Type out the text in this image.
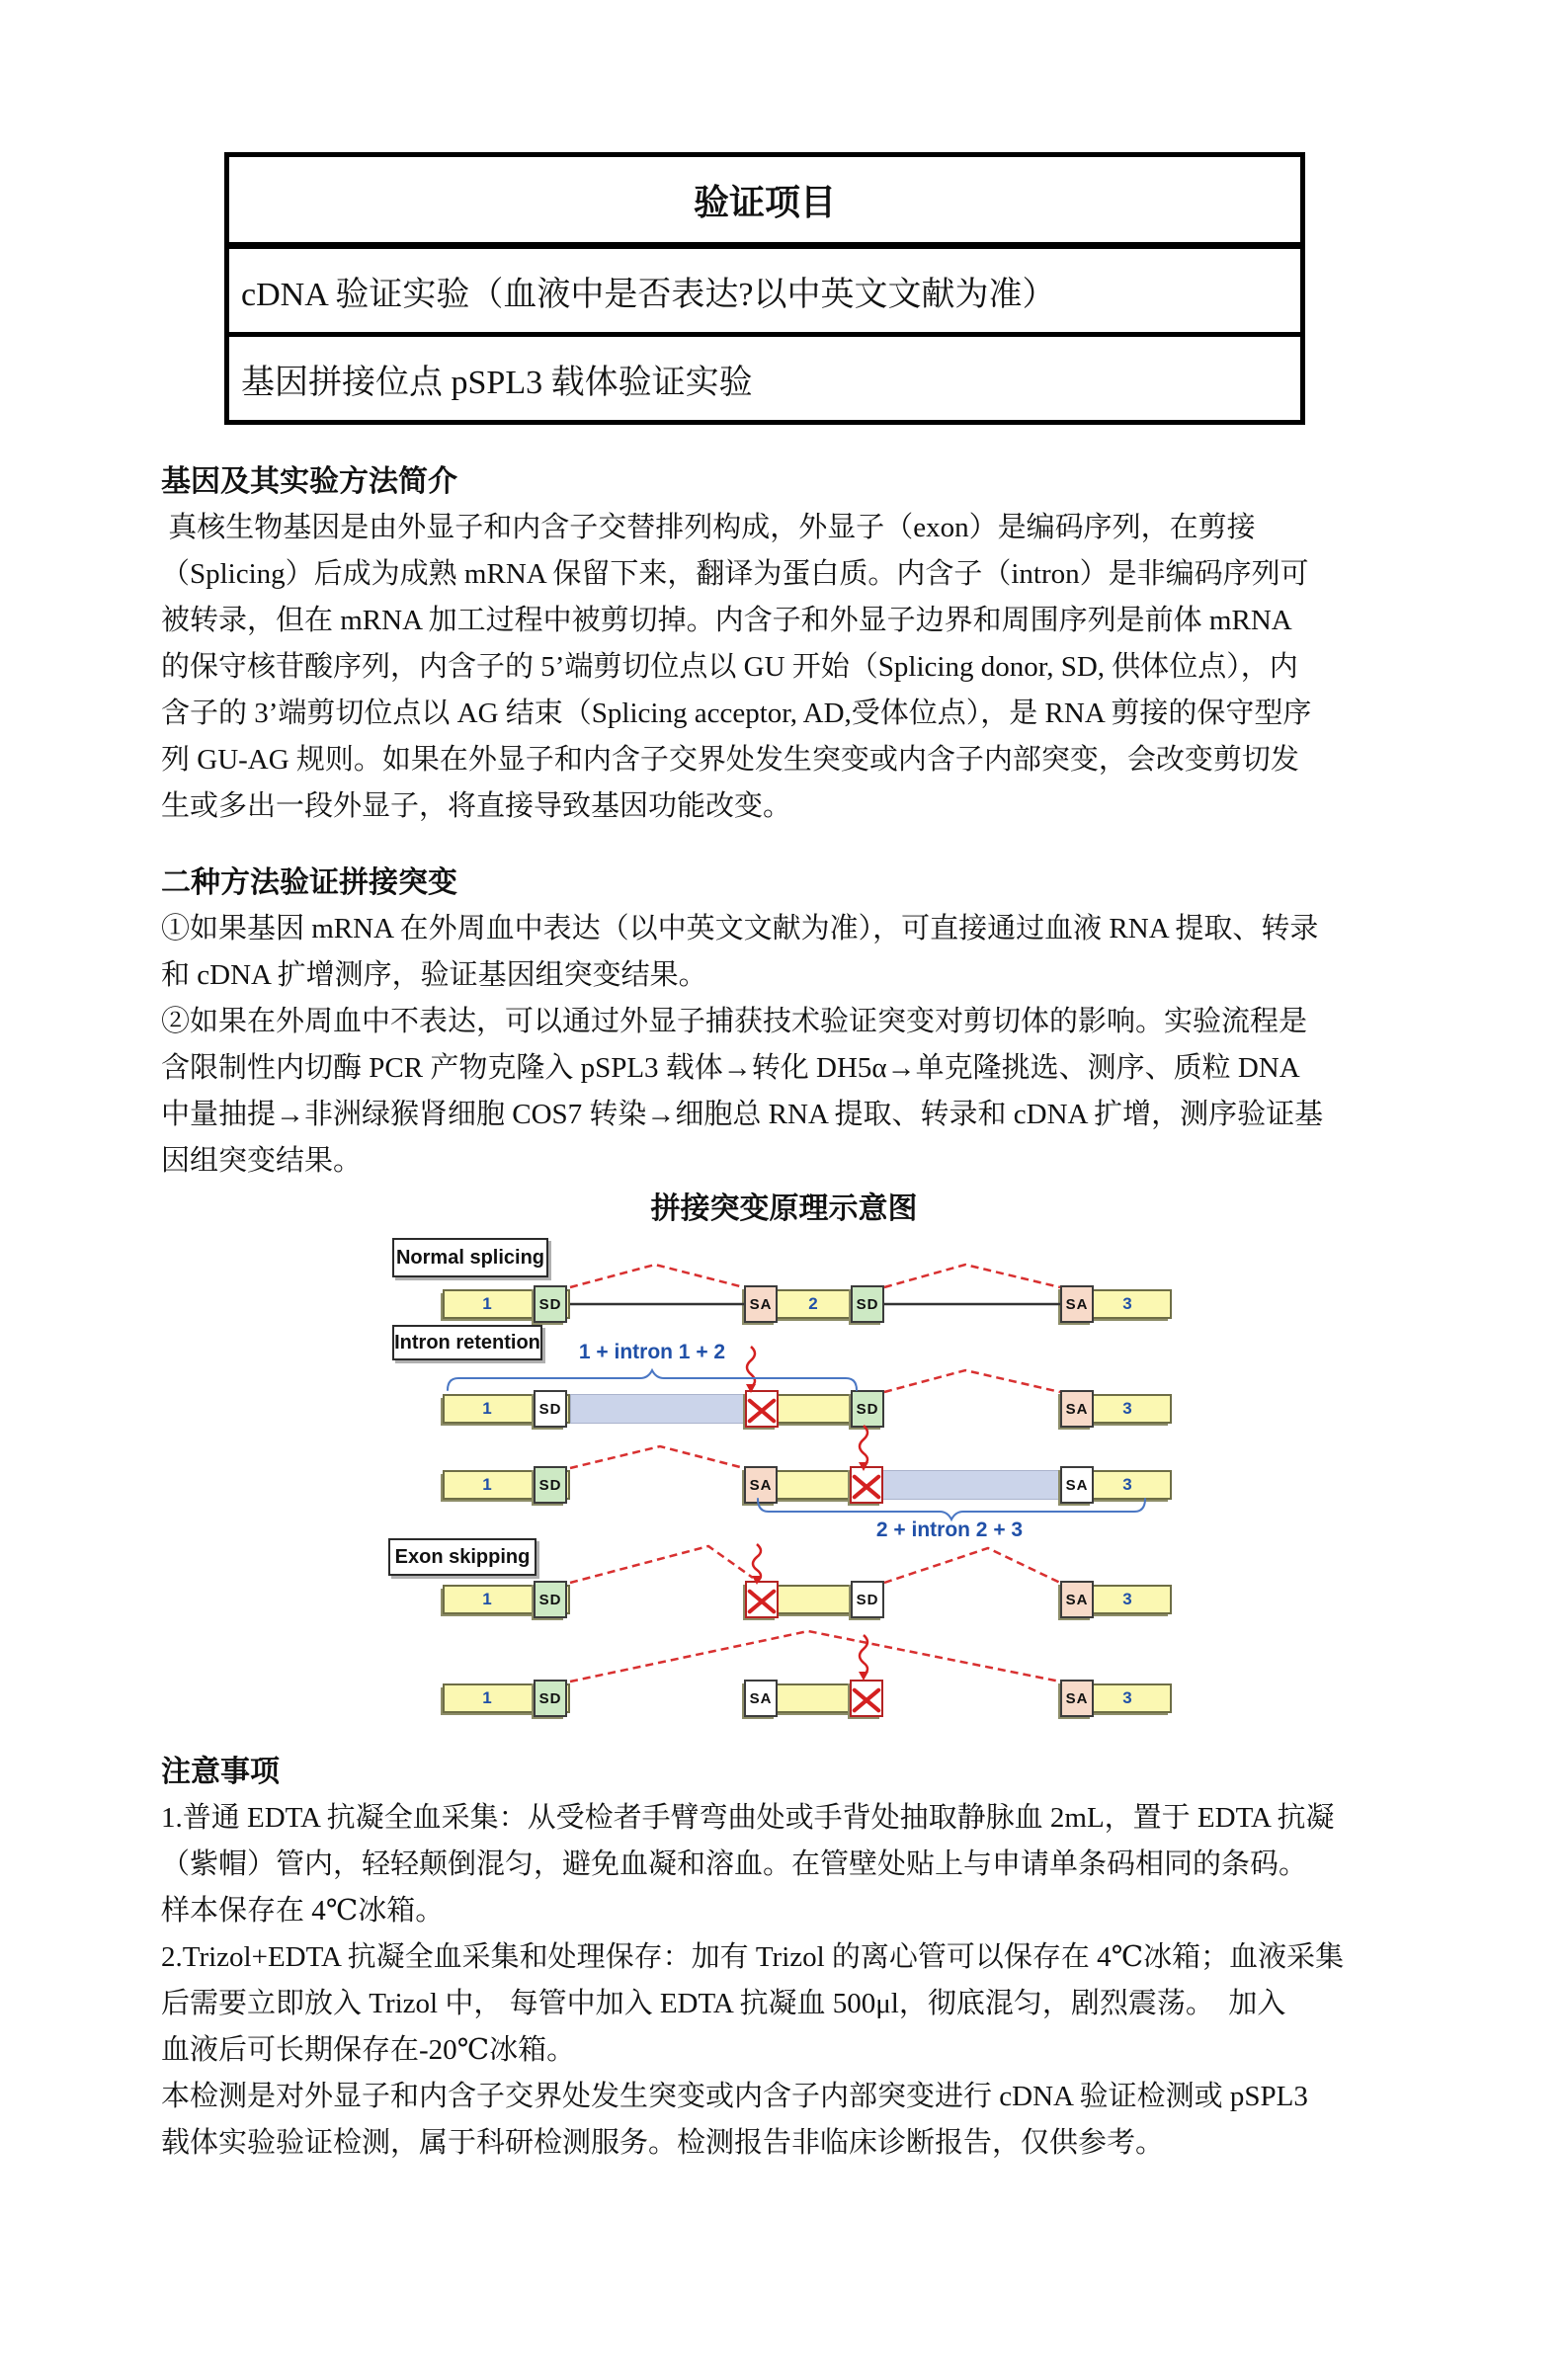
验证项目
cDNA 验证实验（血液中是否表达?以中英文文献为准）
基因拼接位点 pSPL3 载体验证实验
基因及其实验方法简介
真核生物基因是由外显子和内含子交替排列构成，外显子（exon）是编码序列，在剪接
（Splicing）后成为成熟 mRNA 保留下来，翻译为蛋白质。内含子（intron）是非编码序列可
被转录，但在 mRNA 加工过程中被剪切掉。内含子和外显子边界和周围序列是前体 mRNA
的保守核苷酸序列，内含子的 5’端剪切位点以 GU 开始（Splicing donor, SD, 供体位点），内
含子的 3’端剪切位点以 AG 结束（Splicing acceptor, AD,受体位点），是 RNA 剪接的保守型序
列 GU-AG 规则。如果在外显子和内含子交界处发生突变或内含子内部突变，会改变剪切发
生或多出一段外显子，将直接导致基因功能改变。
二种方法验证拼接突变
①如果基因 mRNA 在外周血中表达（以中英文文献为准），可直接通过血液 RNA 提取、转录
和 cDNA 扩增测序，验证基因组突变结果。
②如果在外周血中不表达，可以通过外显子捕获技术验证突变对剪切体的影响。实验流程是
含限制性内切酶 PCR 产物克隆入 pSPL3 载体→转化 DH5α→单克隆挑选、测序、质粒 DNA
中量抽提→非洲绿猴肾细胞 COS7 转染→细胞总 RNA 提取、转录和 cDNA 扩增，测序验证基
因组突变结果。
拼接突变原理示意图
Normal splicing
Intron retention
Exon skipping
1 + intron 1 + 2
2 + intron 2 + 3
1	SD	2
SA	SD	SA	3
1	SD	SD	SA	3
1	SD	SA	SA	3
1	SD	SD	SA	3
1	SD	SA	SA	3
注意事项
1.普通 EDTA 抗凝全血采集：从受检者手臂弯曲处或手背处抽取静脉血 2mL，置于 EDTA 抗凝
（紫帽）管内，轻轻颠倒混匀，避免血凝和溶血。在管壁处贴上与申请单条码相同的条码。
样本保存在 4℃冰箱。
2.Trizol+EDTA 抗凝全血采集和处理保存：加有 Trizol 的离心管可以保存在 4℃冰箱；血液采集
后需要立即放入 Trizol 中， 每管中加入 EDTA 抗凝血 500μl，彻底混匀，剧烈震荡。  加入
血液后可长期保存在-20℃冰箱。
本检测是对外显子和内含子交界处发生突变或内含子内部突变进行 cDNA 验证检测或 pSPL3
载体实验验证检测，属于科研检测服务。检测报告非临床诊断报告，仅供参考。
